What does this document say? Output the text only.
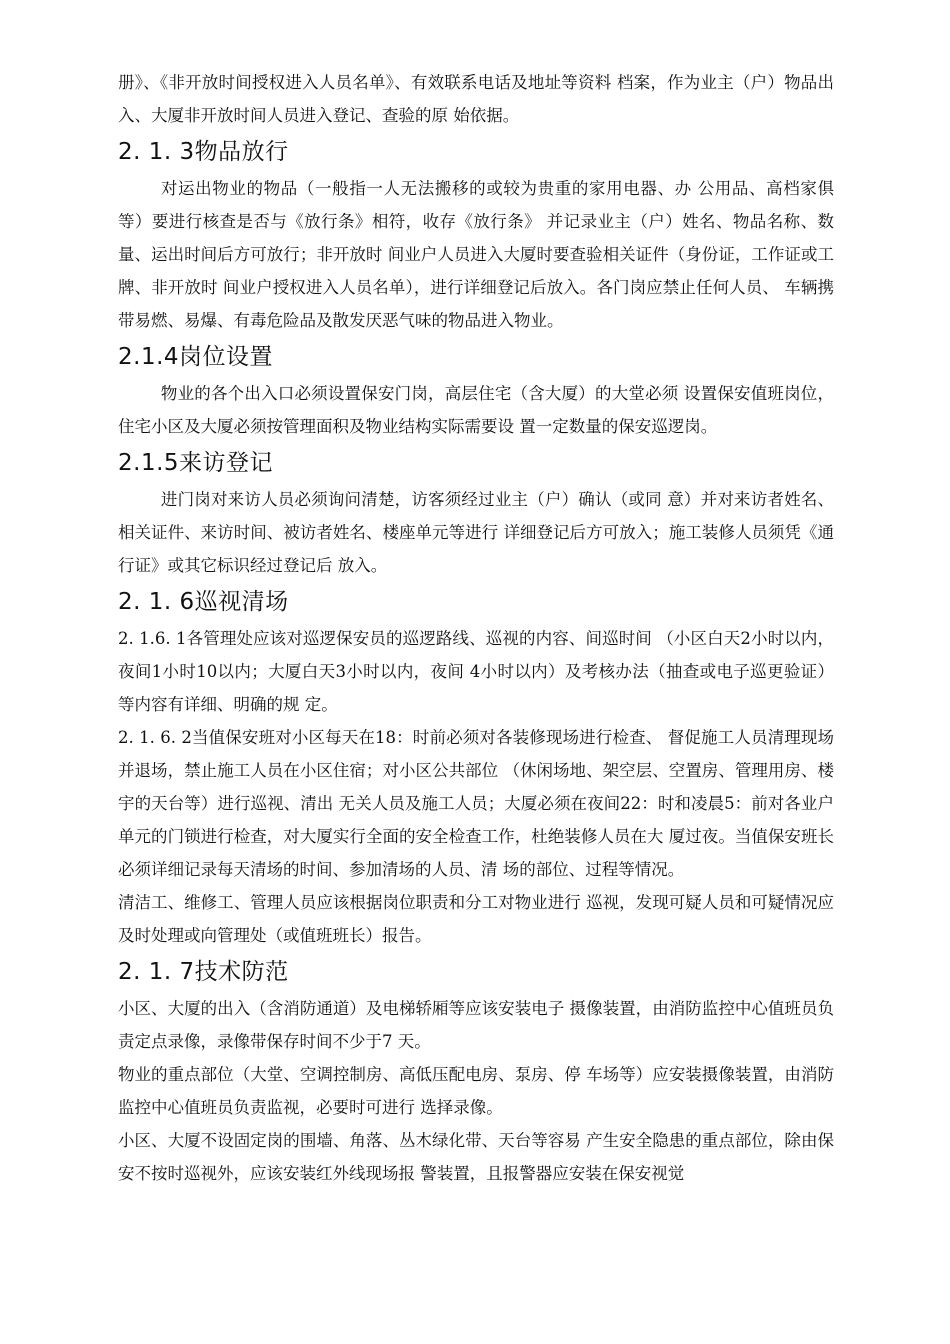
册》、《非开放时间授权进入人员名单》、有效联系电话及地址等资料 档案，作为业主（户）物品出入、大厦非开放时间人员进入登记、查验的原 始依据。

2. 1. 3物品放行

对运出物业的物品（一般指一人无法搬移的或较为贵重的家用电器、办 公用品、高档家俱等）要进行核查是否与《放行条》相符，收存《放行条》 并记录业主（户）姓名、物品名称、数量、运出时间后方可放行；非开放时 间业户人员进入大厦时要查验相关证件（身份证，工作证或工牌、非开放时 间业户授权进入人员名单），进行详细登记后放入。各门岗应禁止任何人员、 车辆携带易燃、易爆、有毒危险品及散发厌恶气味的物品进入物业。

2.1.4岗位设置

物业的各个出入口必须设置保安门岗，高层住宅（含大厦）的大堂必须 设置保安值班岗位，住宅小区及大厦必须按管理面积及物业结构实际需要设 置一定数量的保安巡逻岗。

2.1.5来访登记

进门岗对来访人员必须询问清楚，访客须经过业主（户）确认（或同 意）并对来访者姓名、相关证件、来访时间、被访者姓名、楼座单元等进行 详细登记后方可放入；施工装修人员须凭《通行证》或其它标识经过登记后 放入。

2. 1. 6巡视清场

2. 1.6. 1各管理处应该对巡逻保安员的巡逻路线、巡视的内容、间巡时间 （小区白天2小时以内，夜间1小时10以内；大厦白天3小时以内，夜间 4小时以内）及考核办法（抽查或电子巡更验证）等内容有详细、明确的规 定。

2. 1. 6. 2当值保安班对小区每天在18：时前必须对各装修现场进行检查、 督促施工人员清理现场并退场，禁止施工人员在小区住宿；对小区公共部位 （休闲场地、架空层、空置房、管理用房、楼宇的天台等）进行巡视、清出 无关人员及施工人员；大厦必须在夜间22：时和凌晨5：前对各业户 单元的门锁进行检查，对大厦实行全面的安全检查工作，杜绝装修人员在大 厦过夜。当值保安班长必须详细记录每天清场的时间、参加清场的人员、清 场的部位、过程等情况。

清洁工、维修工、管理人员应该根据岗位职责和分工对物业进行 巡视，发现可疑人员和可疑情况应及时处理或向管理处（或值班班长）报告。

2. 1. 7技术防范

小区、大厦的出入（含消防通道）及电梯轿厢等应该安装电子 摄像装置，由消防监控中心值班员负责定点录像，录像带保存时间不少于7 天。

物业的重点部位（大堂、空调控制房、高低压配电房、泵房、停 车场等）应安装摄像装置，由消防监控中心值班员负责监视，必要时可进行 选择录像。

小区、大厦不设固定岗的围墙、角落、丛木绿化带、天台等容易 产生安全隐患的重点部位，除由保安不按时巡视外，应该安装红外线现场报 警装置，且报警器应安装在保安视觉
